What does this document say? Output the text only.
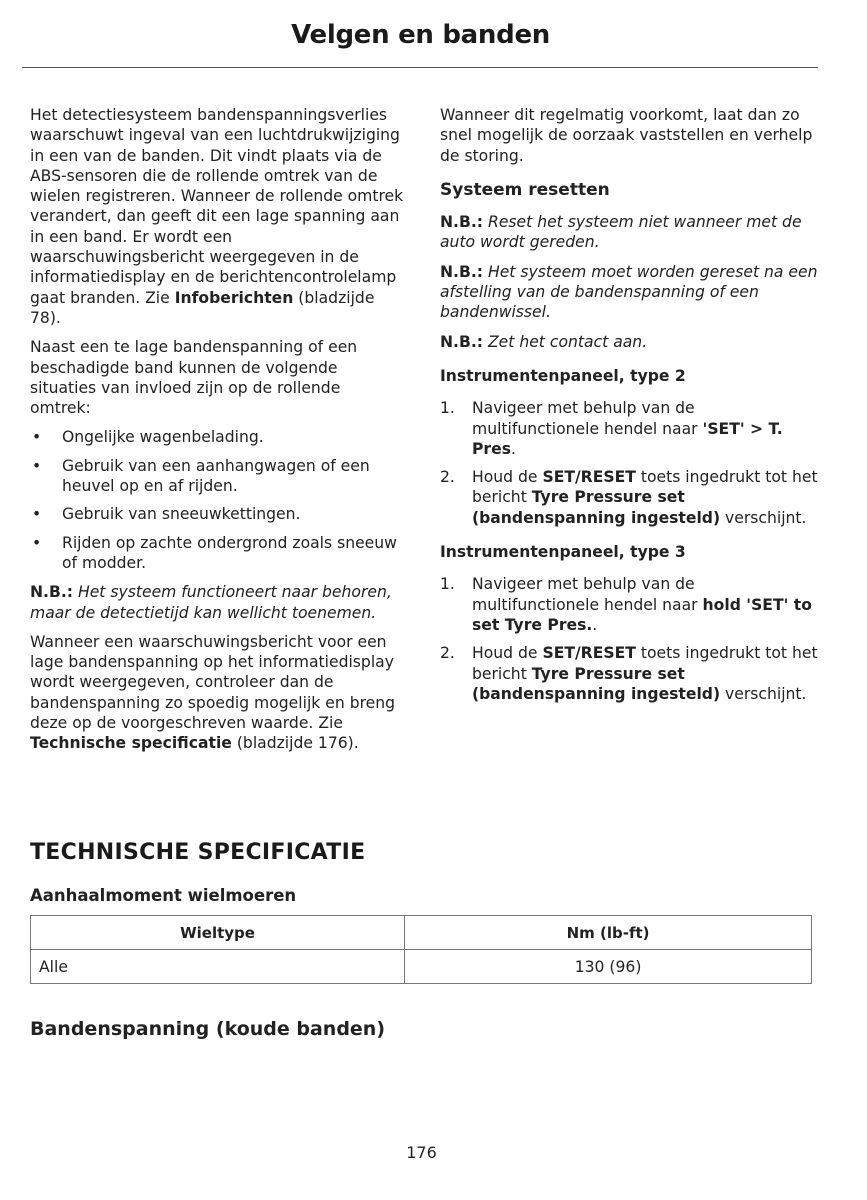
Velgen en banden

Het detectiesysteem bandenspanningsverlies waarschuwt ingeval van een luchtdrukwijziging in een van de banden. Dit vindt plaats via de ABS-sensoren die de rollende omtrek van de wielen registreren. Wanneer de rollende omtrek verandert, dan geeft dit een lage spanning aan in een band. Er wordt een waarschuwingsbericht weergegeven in de informatiedisplay en de berichtencontrolelamp gaat branden. Zie Infoberichten (bladzijde 78).

Naast een te lage bandenspanning of een beschadigde band kunnen de volgende situaties van invloed zijn op de rollende omtrek:

• Ongelijke wagenbelading.
• Gebruik van een aanhangwagen of een heuvel op en af rijden.
• Gebruik van sneeuwkettingen.
• Rijden op zachte ondergrond zoals sneeuw of modder.

N.B.: Het systeem functioneert naar behoren, maar de detectietijd kan wellicht toenemen.

Wanneer een waarschuwingsbericht voor een lage bandenspanning op het informatiedisplay wordt weergegeven, controleer dan de bandenspanning zo spoedig mogelijk en breng deze op de voorgeschreven waarde. Zie Technische specificatie (bladzijde 176).

Wanneer dit regelmatig voorkomt, laat dan zo snel mogelijk de oorzaak vaststellen en verhelp de storing.

Systeem resetten

N.B.: Reset het systeem niet wanneer met de auto wordt gereden.

N.B.: Het systeem moet worden gereset na een afstelling van de bandenspanning of een bandenwissel.

N.B.: Zet het contact aan.

Instrumentenpaneel, type 2
1. Navigeer met behulp van de multifunctionele hendel naar 'SET' > T. Pres.
2. Houd de SET/RESET toets ingedrukt tot het bericht Tyre Pressure set (bandenspanning ingesteld) verschijnt.
Instrumentenpaneel, type 3
1. Navigeer met behulp van de multifunctionele hendel naar hold 'SET' to set Tyre Pres..
2. Houd de SET/RESET toets ingedrukt tot het bericht Tyre Pressure set (bandenspanning ingesteld) verschijnt.
TECHNISCHE SPECIFICATIE
Aanhaalmoment wielmoeren
Wieltype	Nm (lb-ft)
Alle	130 (96)
Bandenspanning (koude banden)
176
